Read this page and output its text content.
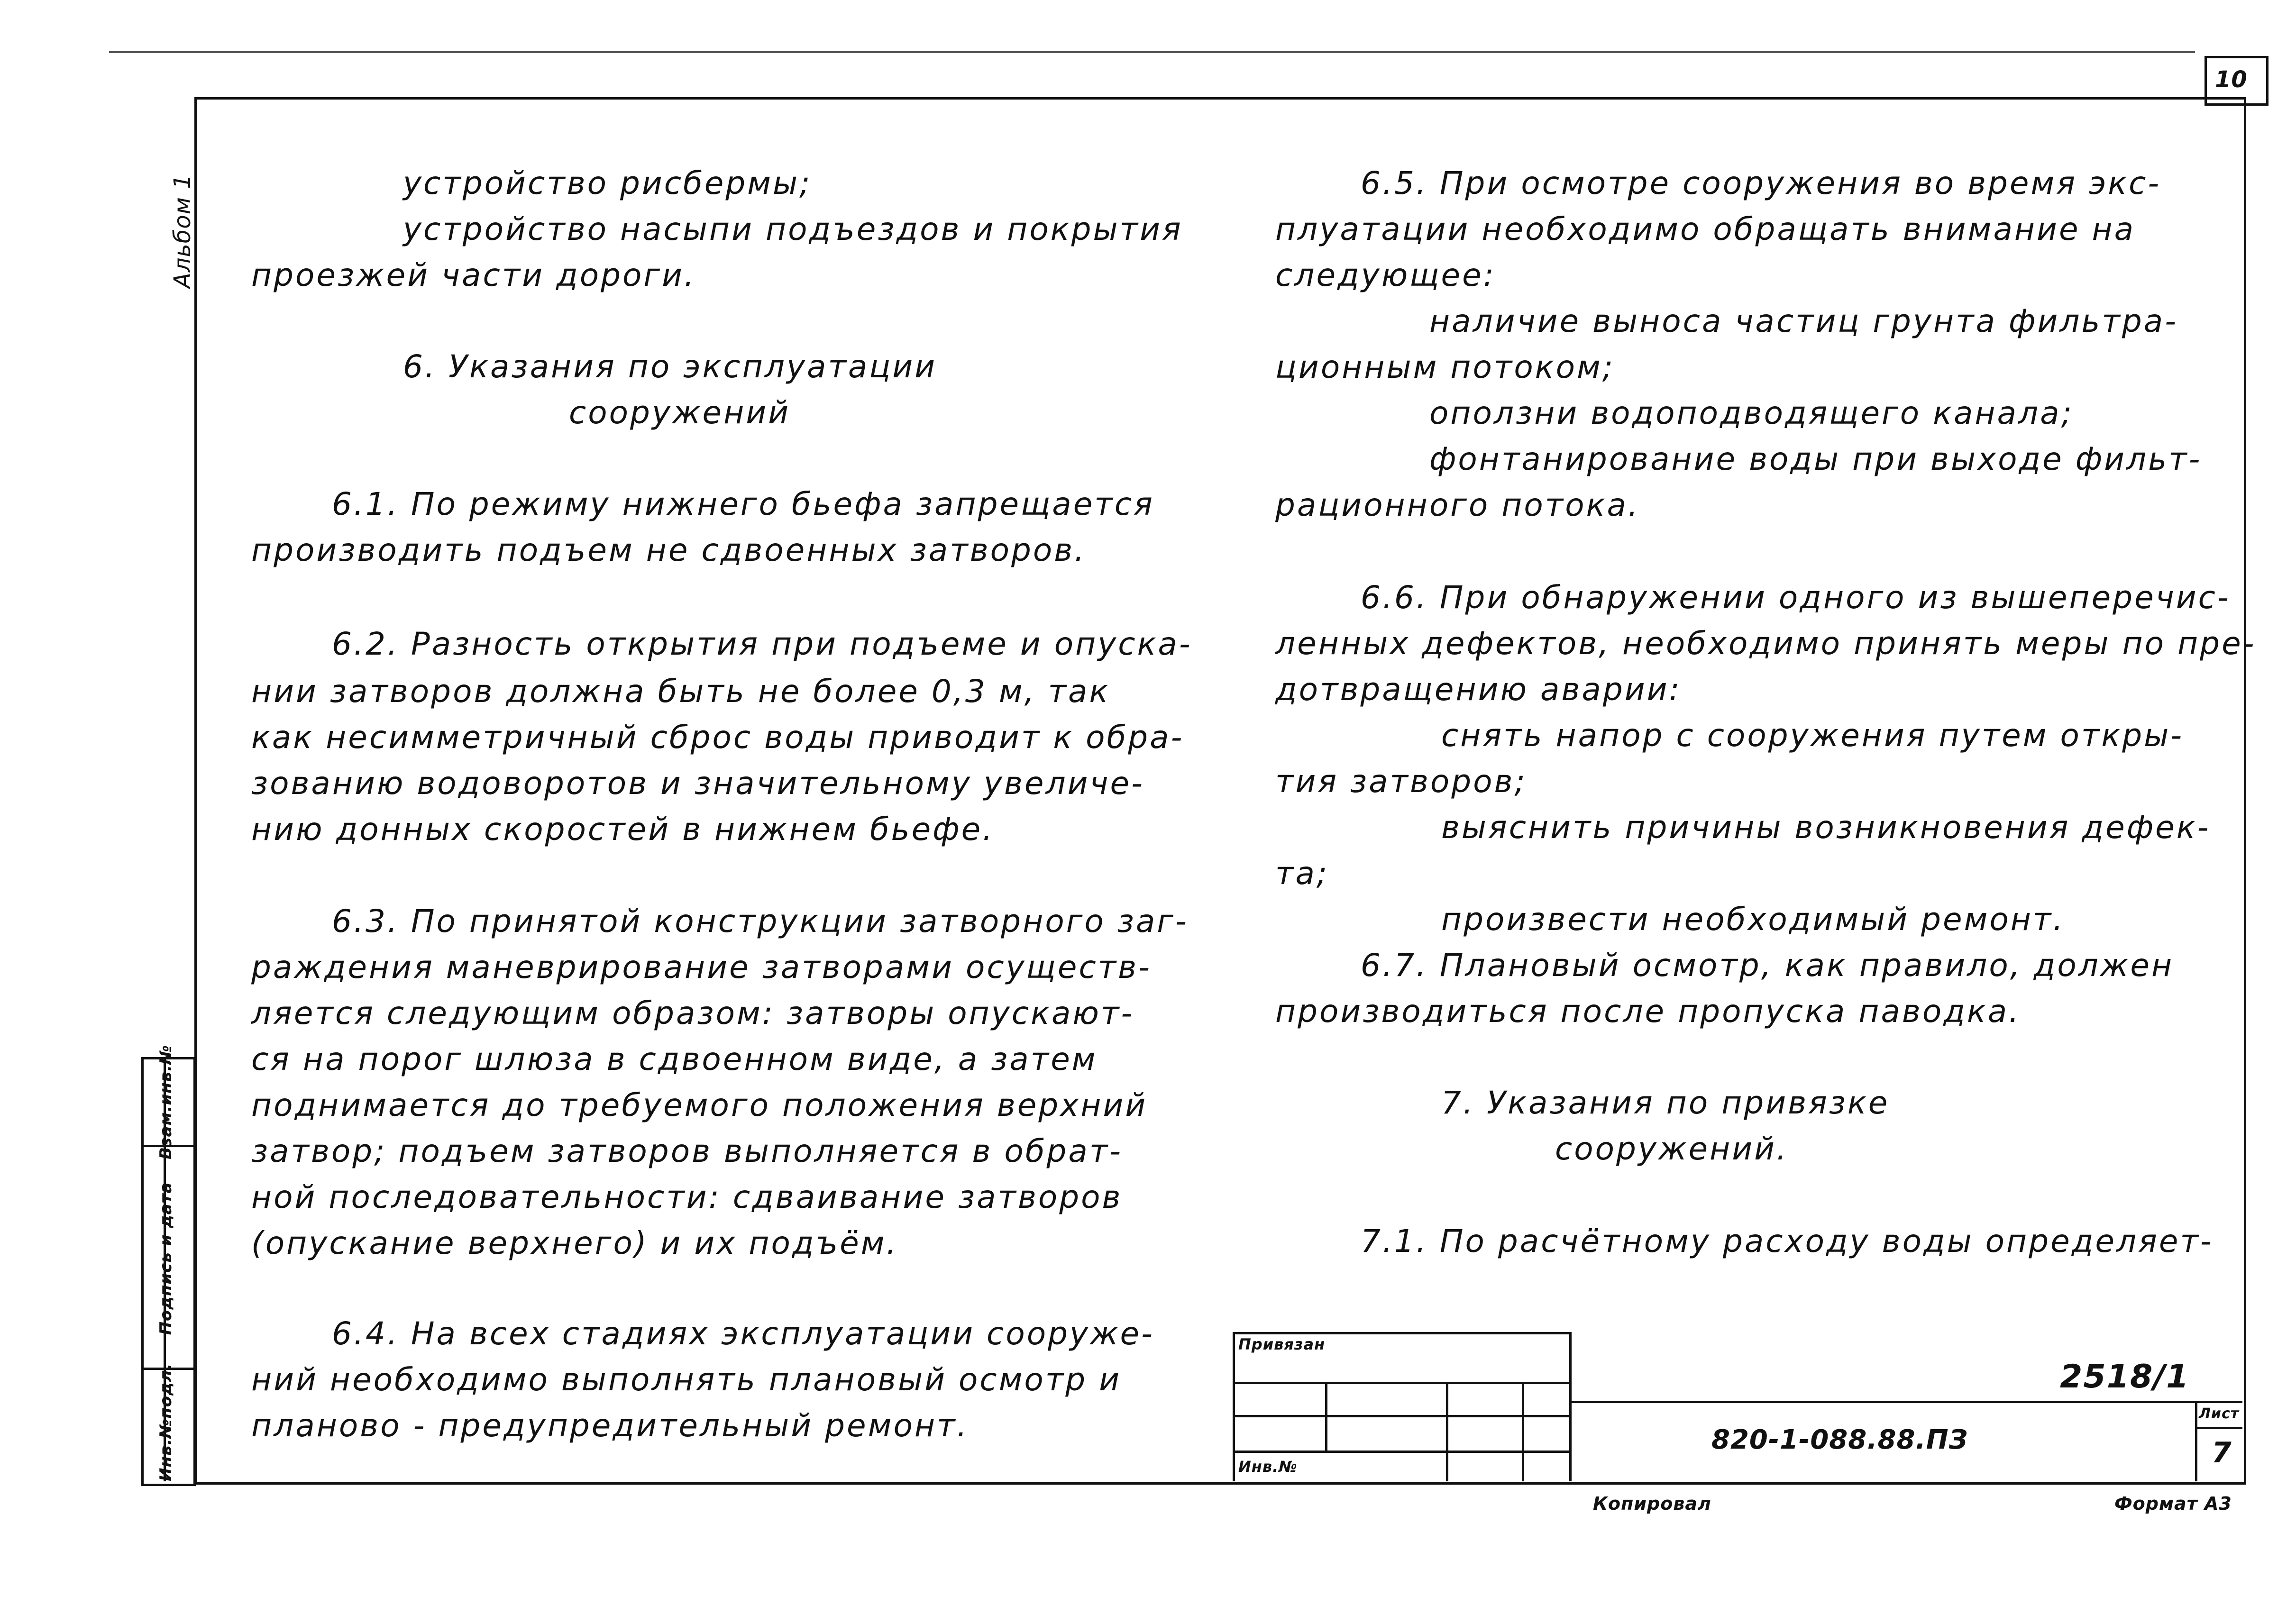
10
Альбом 1
Взам.инв.№
Подпись и дата
Инв.№подл.
устройство рисбермы;
устройство насыпи подъездов и покрытия
проезжей части дороги.
6. Указания по эксплуатации
сооружений
6.1. По режиму нижнего бьефа запрещается
производить подъем не сдвоенных затворов.
6.2. Разность открытия при подъеме и опуска-
нии затворов должна быть не более 0,3 м, так
как несимметричный сброс воды приводит к обра-
зованию водоворотов и значительному увеличе-
нию донных скоростей в нижнем бьефе.
6.3. По принятой конструкции затворного заг-
раждения маневрирование затворами осуществ-
ляется следующим образом: затворы опускают-
ся на порог шлюза в сдвоенном виде, а затем
поднимается до требуемого положения верхний
затвор; подъем затворов выполняется в обрат-
ной последовательности: сдваивание затворов
(опускание верхнего) и их подъём.
6.4. На всех стадиях эксплуатации сооруже-
ний необходимо выполнять плановый осмотр и
планово - предупредительный ремонт.
6.5. При осмотре сооружения во время экс-
плуатации необходимо обращать внимание на
следующее:
наличие выноса частиц грунта фильтра-
ционным потоком;
оползни водоподводящего канала;
фонтанирование воды при выходе фильт-
рационного потока.
6.6. При обнаружении одного из вышеперечис-
ленных дефектов, необходимо принять меры по пре-
дотвращению аварии:
снять напор с сооружения путем откры-
тия затворов;
выяснить причины возникновения дефек-
та;
произвести необходимый ремонт.
6.7. Плановый осмотр, как правило, должен
производиться после пропуска паводка.
7. Указания по привязке
сооружений.
7.1. По расчётному расходу воды определяет-
Привязан
Инв.№
2518/1
820-1-088.88.ПЗ
Лист
7
Копировал	Формат А3
